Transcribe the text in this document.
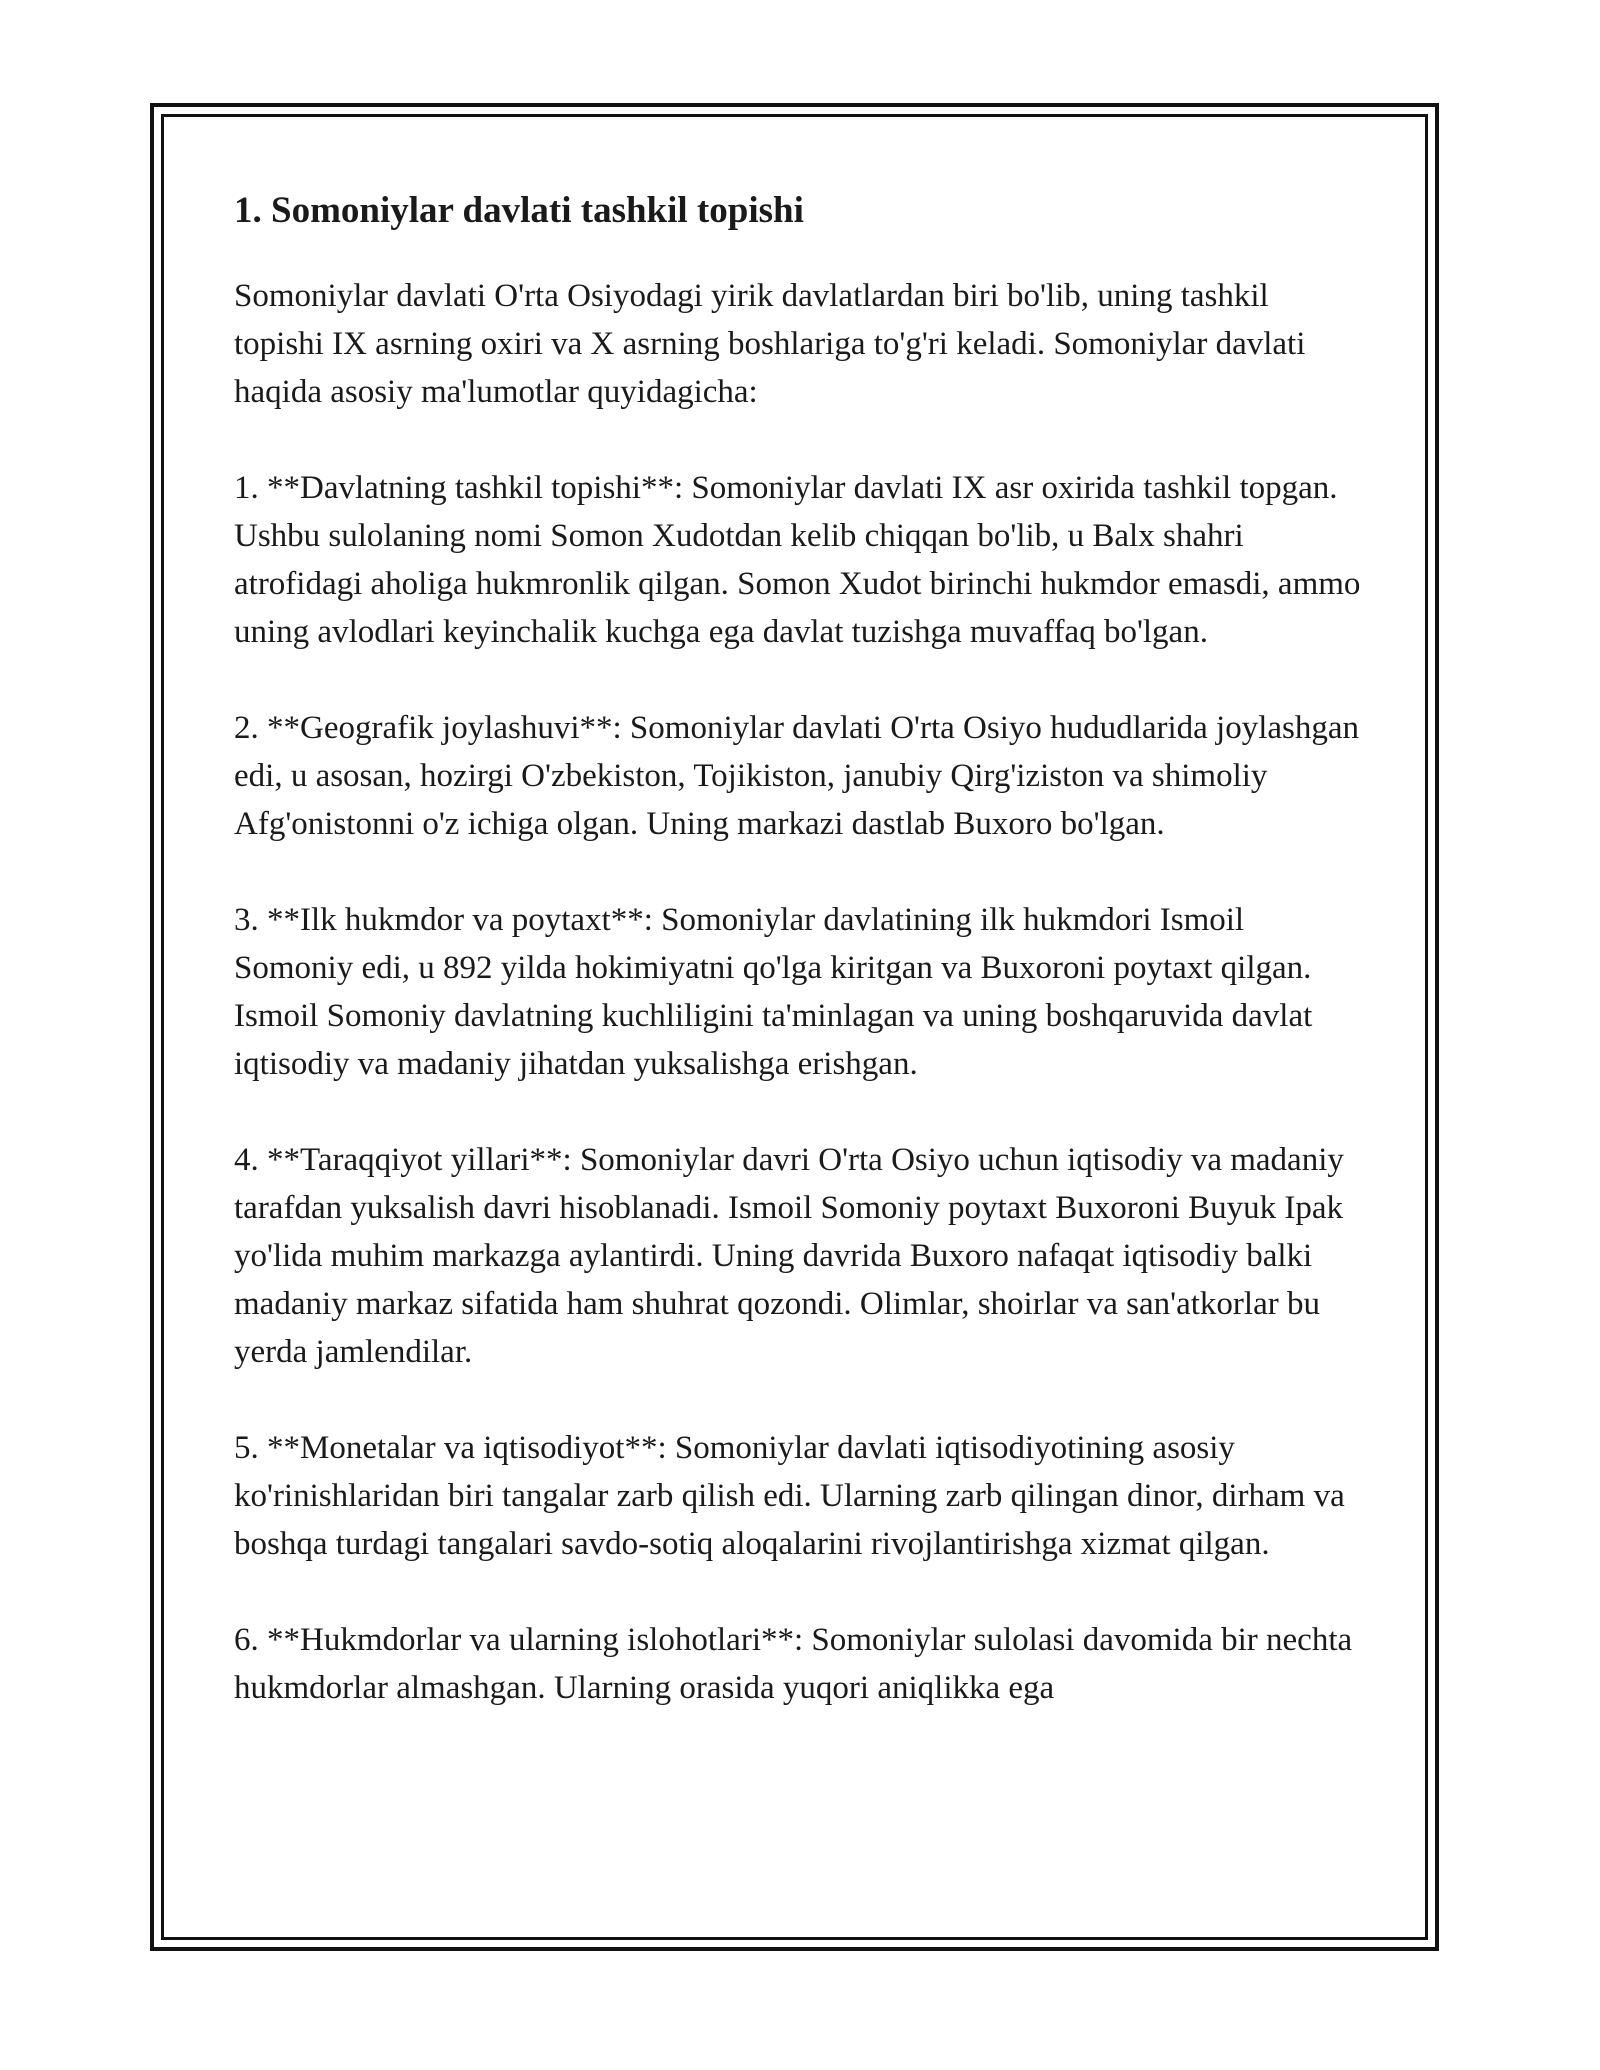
1. Somoniylar davlati tashkil topishi

Somoniylar davlati O'rta Osiyodagi yirik davlatlardan biri bo'lib, uning tashkil topishi IX asrning oxiri va X asrning boshlariga to'g'ri keladi. Somoniylar davlati haqida asosiy ma'lumotlar quyidagicha:

1. **Davlatning tashkil topishi**: Somoniylar davlati IX asr oxirida tashkil topgan. Ushbu sulolaning nomi Somon Xudotdan kelib chiqqan bo'lib, u Balx shahri atrofidagi aholiga hukmronlik qilgan. Somon Xudot birinchi hukmdor emasdi, ammo uning avlodlari keyinchalik kuchga ega davlat tuzishga muvaffaq bo'lgan.

2. **Geografik joylashuvi**: Somoniylar davlati O'rta Osiyo hududlarida joylashgan edi, u asosan, hozirgi O'zbekiston, Tojikiston, janubiy Qirg'iziston va shimoliy Afg'onistonni o'z ichiga olgan. Uning markazi dastlab Buxoro bo'lgan.

3. **Ilk hukmdor va poytaxt**: Somoniylar davlatining ilk hukmdori Ismoil Somoniy edi, u 892 yilda hokimiyatni qo'lga kiritgan va Buxoroni poytaxt qilgan. Ismoil Somoniy davlatning kuchliligini ta'minlagan va uning boshqaruvida davlat iqtisodiy va madaniy jihatdan yuksalishga erishgan.

4. **Taraqqiyot yillari**: Somoniylar davri O'rta Osiyo uchun iqtisodiy va madaniy tarafdan yuksalish davri hisoblanadi. Ismoil Somoniy poytaxt Buxoroni Buyuk Ipak yo'lida muhim markazga aylantirdi. Uning davrida Buxoro nafaqat iqtisodiy balki madaniy markaz sifatida ham shuhrat qozondi. Olimlar, shoirlar va san'atkorlar bu yerda jamlendilar.

5. **Monetalar va iqtisodiyot**: Somoniylar davlati iqtisodiyotining asosiy ko'rinishlaridan biri tangalar zarb qilish edi. Ularning zarb qilingan dinor, dirham va boshqa turdagi tangalari savdo-sotiq aloqalarini rivojlantirishga xizmat qilgan.

6. **Hukmdorlar va ularning islohotlari**: Somoniylar sulolasi davomida bir nechta hukmdorlar almashgan. Ularning orasida yuqori aniqlikka ega
